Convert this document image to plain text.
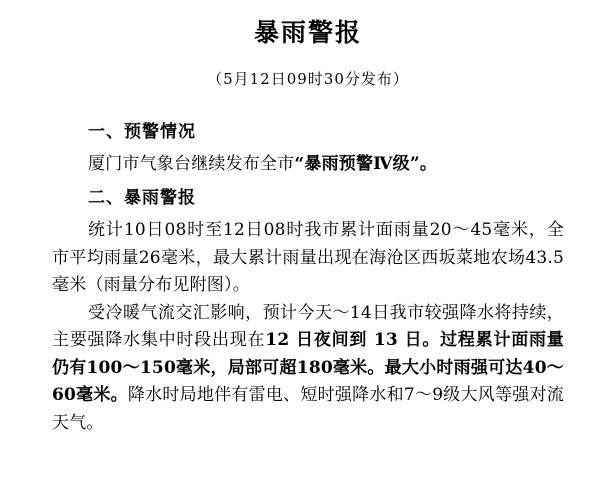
暴雨警报
（5月12日09时30分发布）
一、预警情况

厦门市气象台继续发布全市“暴雨预警Ⅳ级”。

二、暴雨警报

统计10日08时至12日08时我市累计面雨量20～45毫米，全市平均雨量26毫米，最大累计雨量出现在海沧区西坂菜地农场43.5毫米（雨量分布见附图）。

受冷暖气流交汇影响，预计今天～14日我市较强降水将持续，主要强降水集中时段出现在12 日夜间到 13 日。过程累计面雨量仍有100～150毫米，局部可超180毫米。最大小时雨强可达40～60毫米。降水时局地伴有雷电、短时强降水和7～9级大风等强对流天气。
